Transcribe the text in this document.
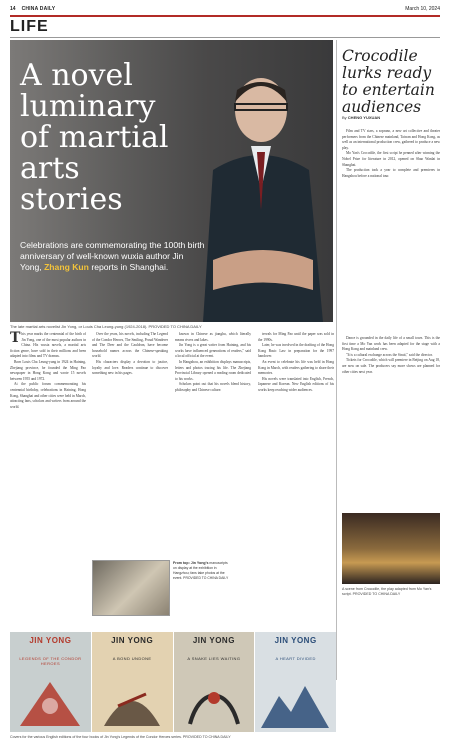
14 CHINA DAILY	March 10, 2024
LIFE
A novel luminary of martial arts stories
Celebrations are commemorating the 100th birth anniversary of well-known wuxia author Jin Yong, Zhang Kun reports in Shanghai.
The late martial arts novelist Jin Yong, or Louis Cha Leung-yung (1924-2018). PROVIDED TO CHINA DAILY
T his year marks the centennial of the birth of Jin Yong, one of the most popular authors in China. His wuxia novels, a martial arts fiction genre, have sold in their millions and been adapted into films and TV dramas.

Born Louis Cha Leung-yung in 1924 in Haining, Zhejiang province, he founded the Ming Pao newspaper in Hong Kong and wrote 15 novels between 1955 and 1972.

At the public forum commemorating his centennial birthday, celebrations in Haining, Hong Kong, Shanghai and other cities were held in March, attracting fans, scholars and writers from around the world.

Over the years, his novels, including The Legend of the Condor Heroes, The Smiling, Proud Wanderer and The Deer and the Cauldron, have become household names across the Chinese-speaking world.

His characters display a devotion to justice, loyalty and love. Readers continue to discover something new in his pages.

From top: Jin Yong's manuscripts on display at the exhibition in Hangzhou; fans take photos at the event. PROVIDED TO CHINA DAILY

known in Chinese as jianghu, which literally means rivers and lakes.

Jin Yong is a great writer from Haining, and his works have influenced generations of readers," said a local official at the event.

In Hangzhou, an exhibition displays manuscripts, letters and photos tracing his life. The Zhejiang Provincial Library opened a reading room dedicated to his works.

Scholars point out that his novels blend history, philosophy and Chinese culture.

tervals for Ming Pao until the paper was sold in the 1990s.

Later, he was involved in the drafting of the Hong Kong Basic Law in preparation for the 1997 handover.

An event to celebrate his life was held in Hong Kong in March, with readers gathering to share their memories.

His novels were translated into English, French, Japanese and Korean. New English editions of his works keep reaching wider audiences.

Crocodile lurks ready to entertain audiences
By CHENG YUXUAN

Film and TV stars, a soprano, a new art collective and theater performers from the Chinese mainland, Taiwan and Hong Kong, as well as an international production crew, gathered to produce a new play.

Mo Yan's Crocodile, the first script he penned after winning the Nobel Prize for literature in 2012, opened on Shao Wanlai in Shanghai.

The production took a year to complete and premieres in Hangzhou before a national tour.

Dance is grounded in the daily life of a small town. This is the first time a Mo Yan work has been adapted for the stage with a Hong Kong and mainland crew.

"It is a cultural exchange across the Strait," said the director.

Tickets for Crocodile, which will premiere in Beijing on Aug 18, are now on sale. The producers say more shows are planned for other cities next year.

A scene from Crocodile, the play adapted from Mo Yan's script. PROVIDED TO CHINA DAILY
JIN YONG
LEGENDS OF THE CONDOR HEROES
JIN YONG
A BOND UNDONE
JIN YONG
A SNAKE LIES WAITING
JIN YONG
A HEART DIVIDED
Covers for the various English editions of the four books of Jin Yong's Legends of the Condor Heroes series. PROVIDED TO CHINA DAILY
